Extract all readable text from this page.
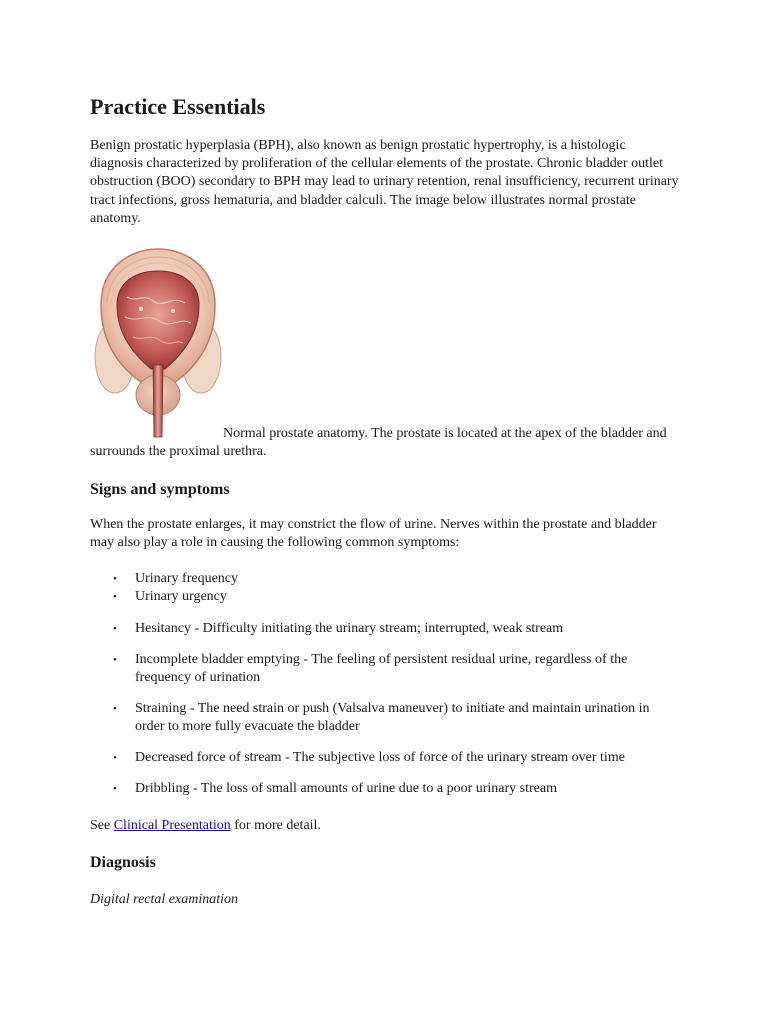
Practice Essentials

Benign prostatic hyperplasia (BPH), also known as benign prostatic hypertrophy, is a histologic diagnosis characterized by proliferation of the cellular elements of the prostate. Chronic bladder outlet obstruction (BOO) secondary to BPH may lead to urinary retention, renal insufficiency, recurrent urinary tract infections, gross hematuria, and bladder calculi. The image below illustrates normal prostate anatomy.

Normal prostate anatomy. The prostate is located at the apex of the bladder and surrounds the proximal urethra.

Signs and symptoms

When the prostate enlarges, it may constrict the flow of urine. Nerves within the prostate and bladder may also play a role in causing the following common symptoms:

• Urinary frequency
• Urinary urgency
• Hesitancy - Difficulty initiating the urinary stream; interrupted, weak stream
• Incomplete bladder emptying - The feeling of persistent residual urine, regardless of the frequency of urination
• Straining - The need strain or push (Valsalva maneuver) to initiate and maintain urination in order to more fully evacuate the bladder
• Decreased force of stream - The subjective loss of force of the urinary stream over time
• Dribbling - The loss of small amounts of urine due to a poor urinary stream

See Clinical Presentation for more detail.

Diagnosis

Digital rectal examination
